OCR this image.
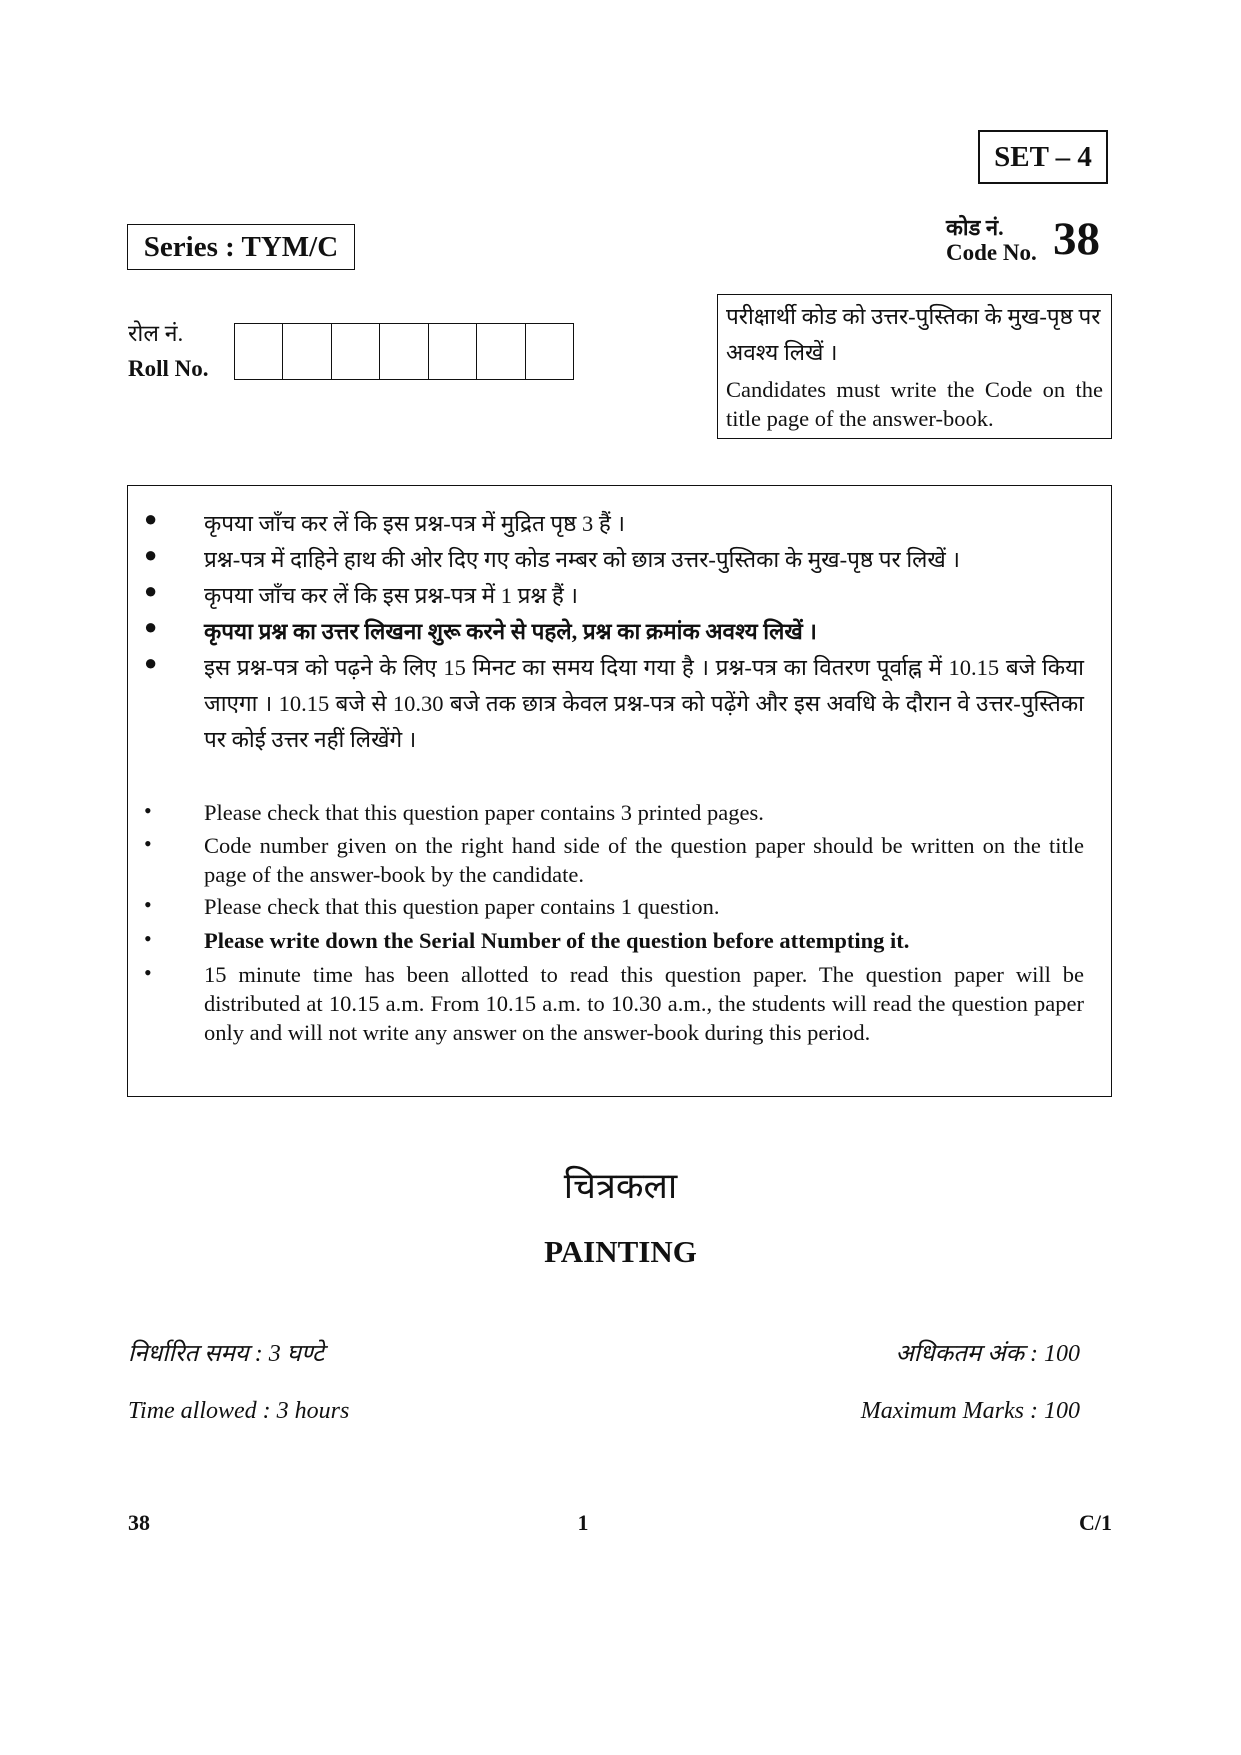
SET – 4
Series : TYM/C
कोड नं.
Code No. 38
रोल नं.
Roll No.
परीक्षार्थी कोड को उत्तर-पुस्तिका के मुख-पृष्ठ पर अवश्य लिखें ।
Candidates must write the Code on the title page of the answer-book.
● कृपया जाँच कर लें कि इस प्रश्न-पत्र में मुद्रित पृष्ठ 3 हैं ।
● प्रश्न-पत्र में दाहिने हाथ की ओर दिए गए कोड नम्बर को छात्र उत्तर-पुस्तिका के मुख-पृष्ठ पर लिखें ।
● कृपया जाँच कर लें कि इस प्रश्न-पत्र में 1 प्रश्न हैं ।
● कृपया प्रश्न का उत्तर लिखना शुरू करने से पहले, प्रश्न का क्रमांक अवश्य लिखें ।
● इस प्रश्न-पत्र को पढ़ने के लिए 15 मिनट का समय दिया गया है । प्रश्न-पत्र का वितरण पूर्वाह्न में 10.15 बजे किया जाएगा । 10.15 बजे से 10.30 बजे तक छात्र केवल प्रश्न-पत्र को पढ़ेंगे और इस अवधि के दौरान वे उत्तर-पुस्तिका पर कोई उत्तर नहीं लिखेंगे ।
• Please check that this question paper contains 3 printed pages.
• Code number given on the right hand side of the question paper should be written on the title page of the answer-book by the candidate.
• Please check that this question paper contains 1 question.
• Please write down the Serial Number of the question before attempting it.
• 15 minute time has been allotted to read this question paper. The question paper will be distributed at 10.15 a.m. From 10.15 a.m. to 10.30 a.m., the students will read the question paper only and will not write any answer on the answer-book during this period.
चित्रकला
PAINTING
निर्धारित समय : 3 घण्टे	अधिकतम अंक : 100
Time allowed : 3 hours	Maximum Marks : 100
38	1	C/1
